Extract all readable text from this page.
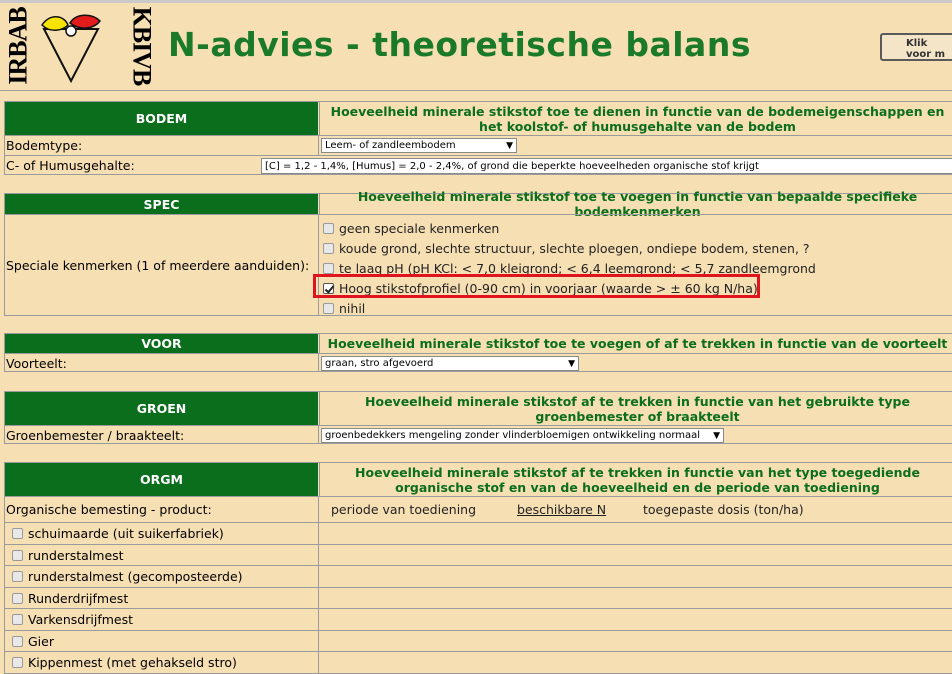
IRBAB	KBIVB N-advies - theoretische balans	Klik
voor m
BODEM	Hoeveelheid minerale stikstof toe te dienen in functie van de bodemeigenschappen en het koolstof- of humusgehalte van de bodem
Bodemtype:	Leem- of zandleembodem	▼
C- of Humusgehalte:	[C] = 1,2 - 1,4%, [Humus] = 2,0 - 2,4%, of grond die beperkte hoeveelheden organische stof krijgt
SPEC	Hoeveelheid minerale stikstof toe te voegen in functie van bepaalde specifieke bodemkenmerken
Speciale kenmerken (1 of meerdere aanduiden):
geen speciale kenmerken
koude grond, slechte structuur, slechte ploegen, ondiepe bodem, stenen, ?
te laag pH (pH KCl: < 7,0 kleigrond; < 6,4 leemgrond; < 5,7 zandleemgrond
Hoog stikstofprofiel (0-90 cm) in voorjaar (waarde > ± 60 kg N/ha)
nihil
VOOR	Hoeveelheid minerale stikstof toe te voegen of af te trekken in functie van de voorteelt
Voorteelt:	graan, stro afgevoerd	▼
GROEN	Hoeveelheid minerale stikstof af te trekken in functie van het gebruikte type groenbemester of braakteelt
Groenbemester / braakteelt:	groenbedekkers mengeling zonder vlinderbloemigen ontwikkeling normaal ▼
ORGM	Hoeveelheid minerale stikstof af te trekken in functie van het type toegediende organische stof en van de hoeveelheid en de periode van toediening
Organische bemesting - product:	periode van toediening	beschikbare N	toegepaste dosis (ton/ha)
schuimaarde (uit suikerfabriek)
runderstalmest
runderstalmest (gecomposteerde)
Runderdrijfmest
Varkensdrijfmest
Gier
Kippenmest (met gehakseld stro)
